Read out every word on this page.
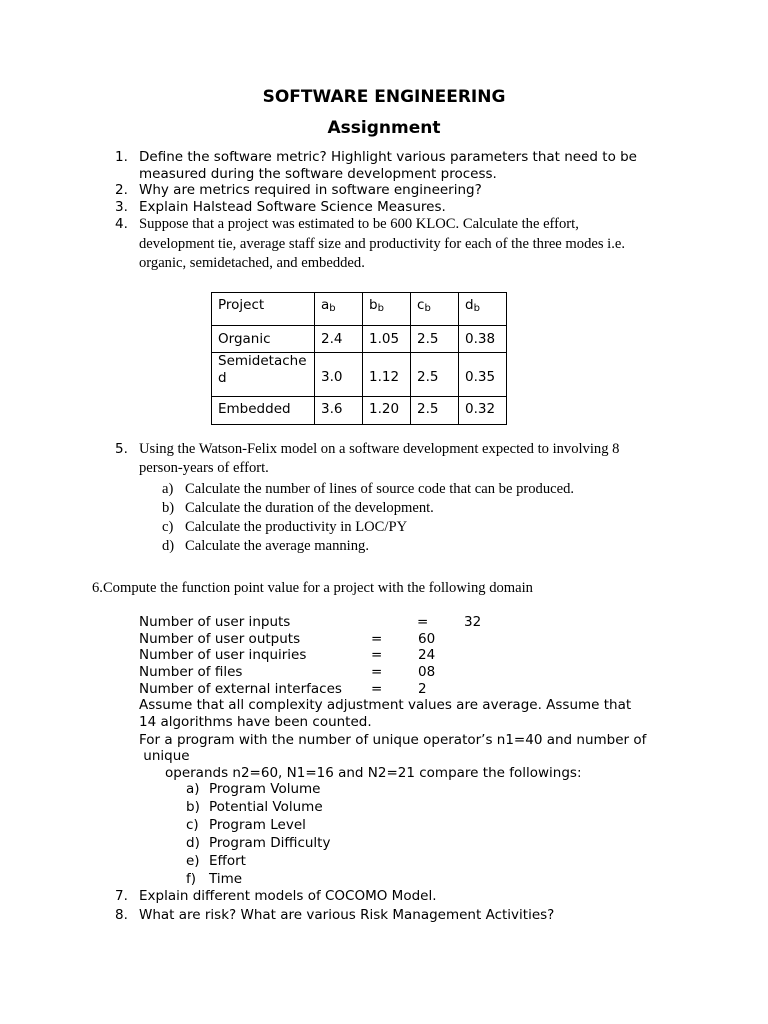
SOFTWARE ENGINEERING
Assignment
1. Define the software metric? Highlight various parameters that need to be
measured during the software development process.
2. Why are metrics required in software engineering?
3. Explain Halstead Software Science Measures.
4. Suppose that a project was estimated to be 600 KLOC. Calculate the effort,
development tie, average staff size and productivity for each of the three modes i.e.
organic, semidetached, and embedded.
Project	$a_b$	$b_b$	$c_b$	$d_b$
Organic	2.4	1.05	2.5	0.38

Semidetached	3.0	1.12	2.5	0.35
Embedded	3.6	1.20	2.5	0.32
5. Using the Watson-Felix model on a software development expected to involving 8
person-years of effort.
a) Calculate the number of lines of source code that can be produced.
b) Calculate the duration of the development.
c) Calculate the productivity in LOC/PY
d) Calculate the average manning.
6.Compute the function point value for a project with the following domain
Number of user inputs	=	32
Number of user outputs	=	60
Number of user inquiries	=	24
Number of files	=	08
Number of external interfaces =	2
Assume that all complexity adjustment values are average. Assume that
14 algorithms have been counted.
For a program with the number of unique operator’s n1=40 and number of
unique
operands n2=60, N1=16 and N2=21 compare the followings:
a) Program Volume
b) Potential Volume
c) Program Level
d) Program Difficulty
e) Effort
f) Time
7. Explain different models of COCOMO Model.
8. What are risk? What are various Risk Management Activities?
